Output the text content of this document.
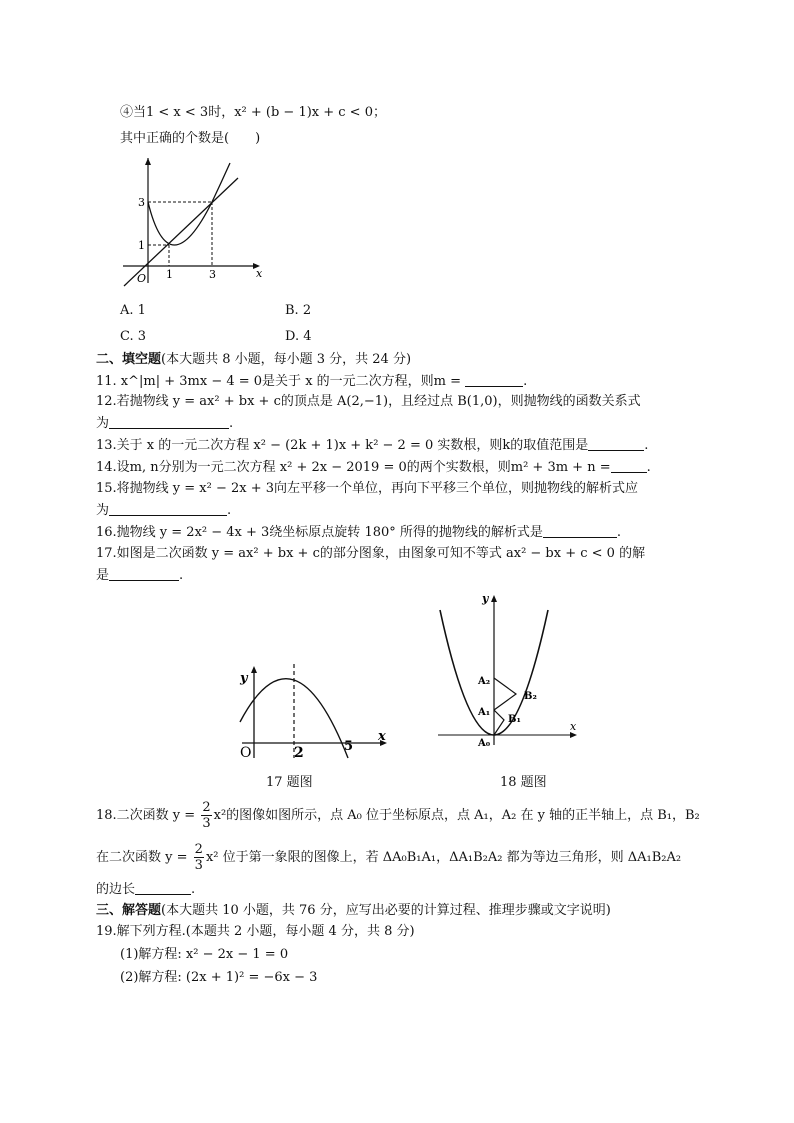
④当1 < x < 3时，x² + (b − 1)x + c < 0；
其中正确的个数是(　　)
3
1
1	3
O	x
A. 1	B. 2
C. 3	D. 4
二、填空题(本大题共 8 小题，每小题 3 分，共 24 分)
11. x^|m| + 3mx − 4 = 0是关于 x 的一元二次方程，则m =	.
12.若抛物线 y = ax² + bx + c的顶点是 A(2,−1)，且经过点 B(1,0)，则抛物线的函数关系式
为	.
13.关于 x 的一元二次方程 x² − (2k + 1)x + k² − 2 = 0 实数根，则k的取值范围是	.
14.设m, n分别为一元二次方程 x² + 2x − 2019 = 0的两个实数根，则m² + 3m + n =	.
15.将抛物线 y = x² − 2x + 3向左平移一个单位，再向下平移三个单位，则抛物线的解析式应
为	.
16.抛物线 y = 2x² − 4x + 3绕坐标原点旋转 180° 所得的抛物线的解析式是	.
17.如图是二次函数 y = ax² + bx + c的部分图象，由图象可知不等式 ax² − bx + c < 0 的解
是	.
y
x
O	2	5
17 题图
y
x
A₀
A₁
A₂
B₁
B₂
18 题图
18.二次函数 $y = \frac{2}{3} x^2$的图像如图所示，点 A₀ 位于坐标原点，点 A₁，A₂ 在 y 轴的正半轴上，点 B₁，B₂
在二次函数 $y = \frac{2}{3} x^2$ 位于第一象限的图像上，若 ΔA₀B₁A₁，ΔA₁B₂A₂ 都为等边三角形，则 ΔA₁B₂A₂
的边长	.
三、解答题(本大题共 10 小题，共 76 分，应写出必要的计算过程、推理步骤或文字说明)
19.解下列方程.(本题共 2 小题，每小题 4 分，共 8 分)
(1)解方程: x² − 2x − 1 = 0
(2)解方程: (2x + 1)² = −6x − 3
